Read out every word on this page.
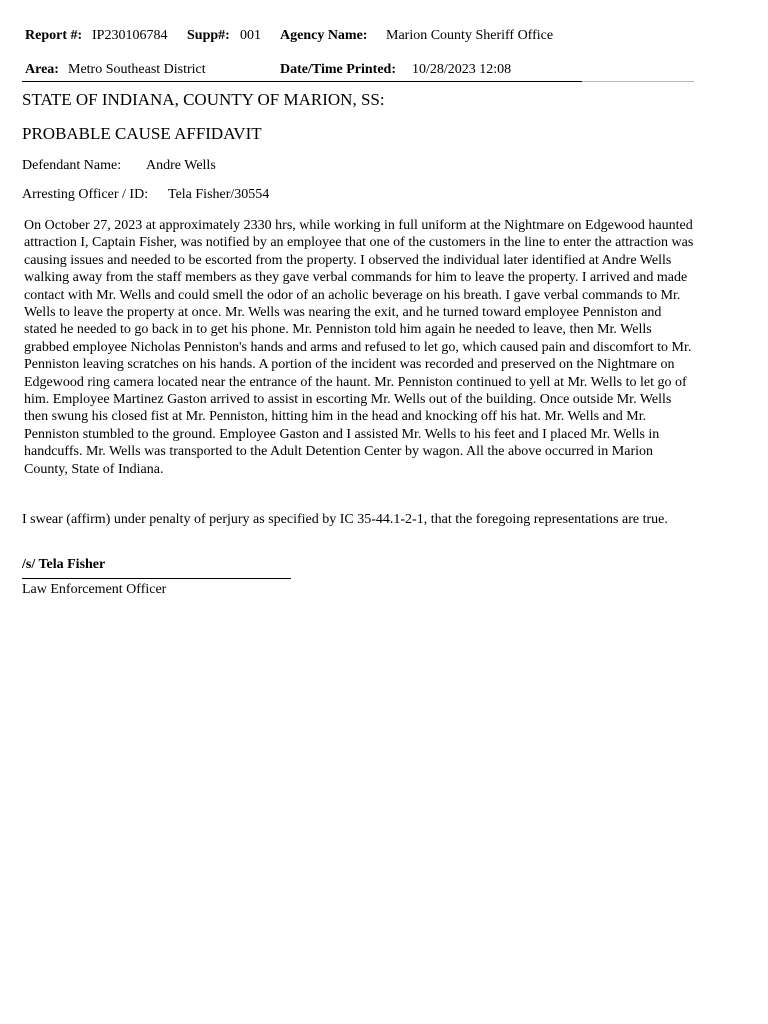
Report #: IP230106784 Supp#: 001 Agency Name: Marion County Sheriff Office
Area: Metro Southeast District	Date/Time Printed: 10/28/2023 12:08
STATE OF INDIANA, COUNTY OF MARION, SS:
PROBABLE CAUSE AFFIDAVIT
Defendant Name: Andre Wells
Arresting Officer / ID: Tela Fisher/30554
On October 27, 2023 at approximately 2330 hrs, while working in full uniform at the Nightmare on Edgewood haunted attraction I, Captain Fisher, was notified by an employee that one of the customers in the line to enter the attraction was causing issues and needed to be escorted from the property. I observed the individual later identified at Andre Wells walking away from the staff members as they gave verbal commands for him to leave the property. I arrived and made contact with Mr. Wells and could smell the odor of an acholic beverage on his breath. I gave verbal commands to Mr. Wells to leave the property at once. Mr. Wells was nearing the exit, and he turned toward employee Penniston and stated he needed to go back in to get his phone. Mr. Penniston told him again he needed to leave, then Mr. Wells grabbed employee Nicholas Penniston's hands and arms and refused to let go, which caused pain and discomfort to Mr. Penniston leaving scratches on his hands. A portion of the incident was recorded and preserved on the Nightmare on Edgewood ring camera located near the entrance of the haunt. Mr. Penniston continued to yell at Mr. Wells to let go of him. Employee Martinez Gaston arrived to assist in escorting Mr. Wells out of the building. Once outside Mr. Wells then swung his closed fist at Mr. Penniston, hitting him in the head and knocking off his hat. Mr. Wells and Mr. Penniston stumbled to the ground. Employee Gaston and I assisted Mr. Wells to his feet and I placed Mr. Wells in handcuffs. Mr. Wells was transported to the Adult Detention Center by wagon. All the above occurred in Marion County, State of Indiana.
I swear (affirm) under penalty of perjury as specified by IC 35-44.1-2-1, that the foregoing representations are true.
/s/ Tela Fisher
Law Enforcement Officer
